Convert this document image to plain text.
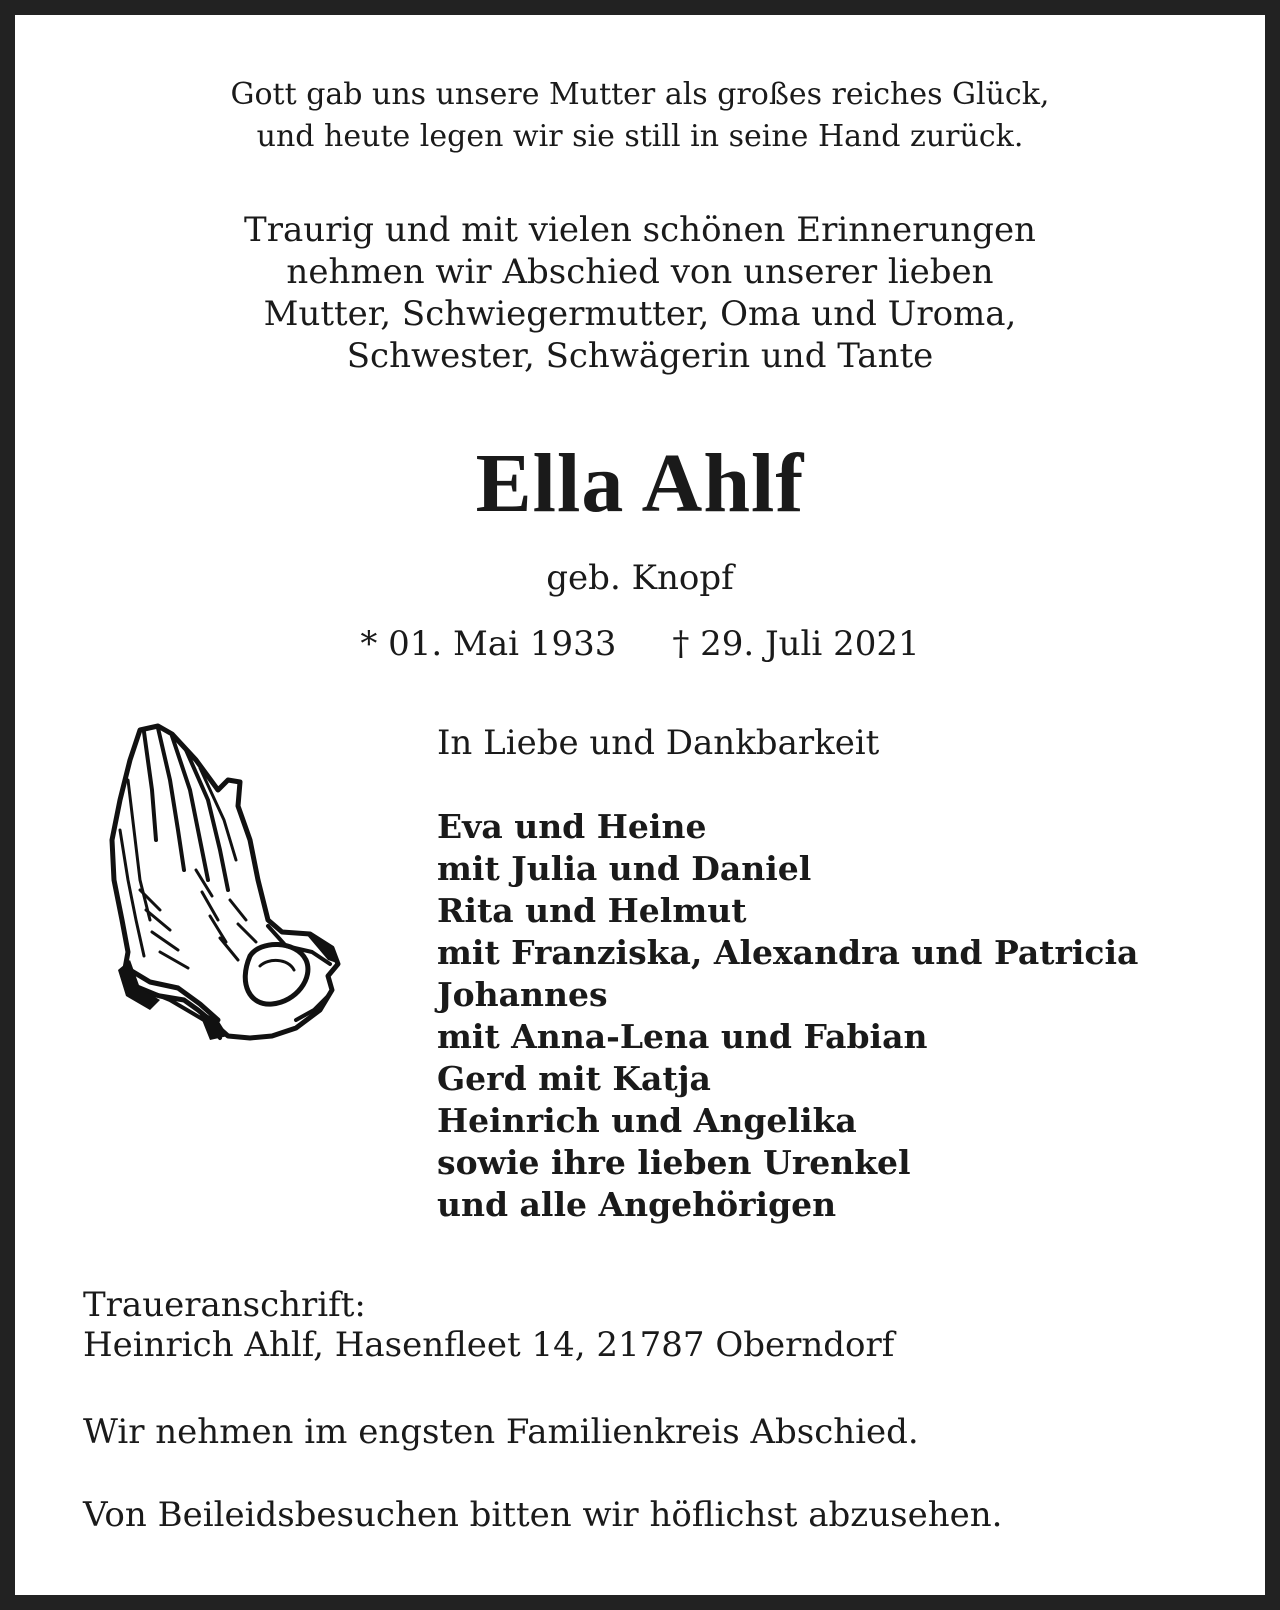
Gott gab uns unsere Mutter als großes reiches Glück,
und heute legen wir sie still in seine Hand zurück.

Traurig und mit vielen schönen Erinnerungen
nehmen wir Abschied von unserer lieben
Mutter, Schwiegermutter, Oma und Uroma,
Schwester, Schwägerin und Tante

Ella Ahlf

geb. Knopf

* 01. Mai 1933 † 29. Juli 2021

In Liebe und Dankbarkeit

Eva und Heine
mit Julia und Daniel
Rita und Helmut
mit Franziska, Alexandra und Patricia
Johannes
mit Anna-Lena und Fabian
Gerd mit Katja
Heinrich und Angelika
sowie ihre lieben Urenkel
und alle Angehörigen

Traueranschrift:
Heinrich Ahlf, Hasenfleet 14, 21787 Oberndorf

Wir nehmen im engsten Familienkreis Abschied.

Von Beileidsbesuchen bitten wir höflichst abzusehen.
